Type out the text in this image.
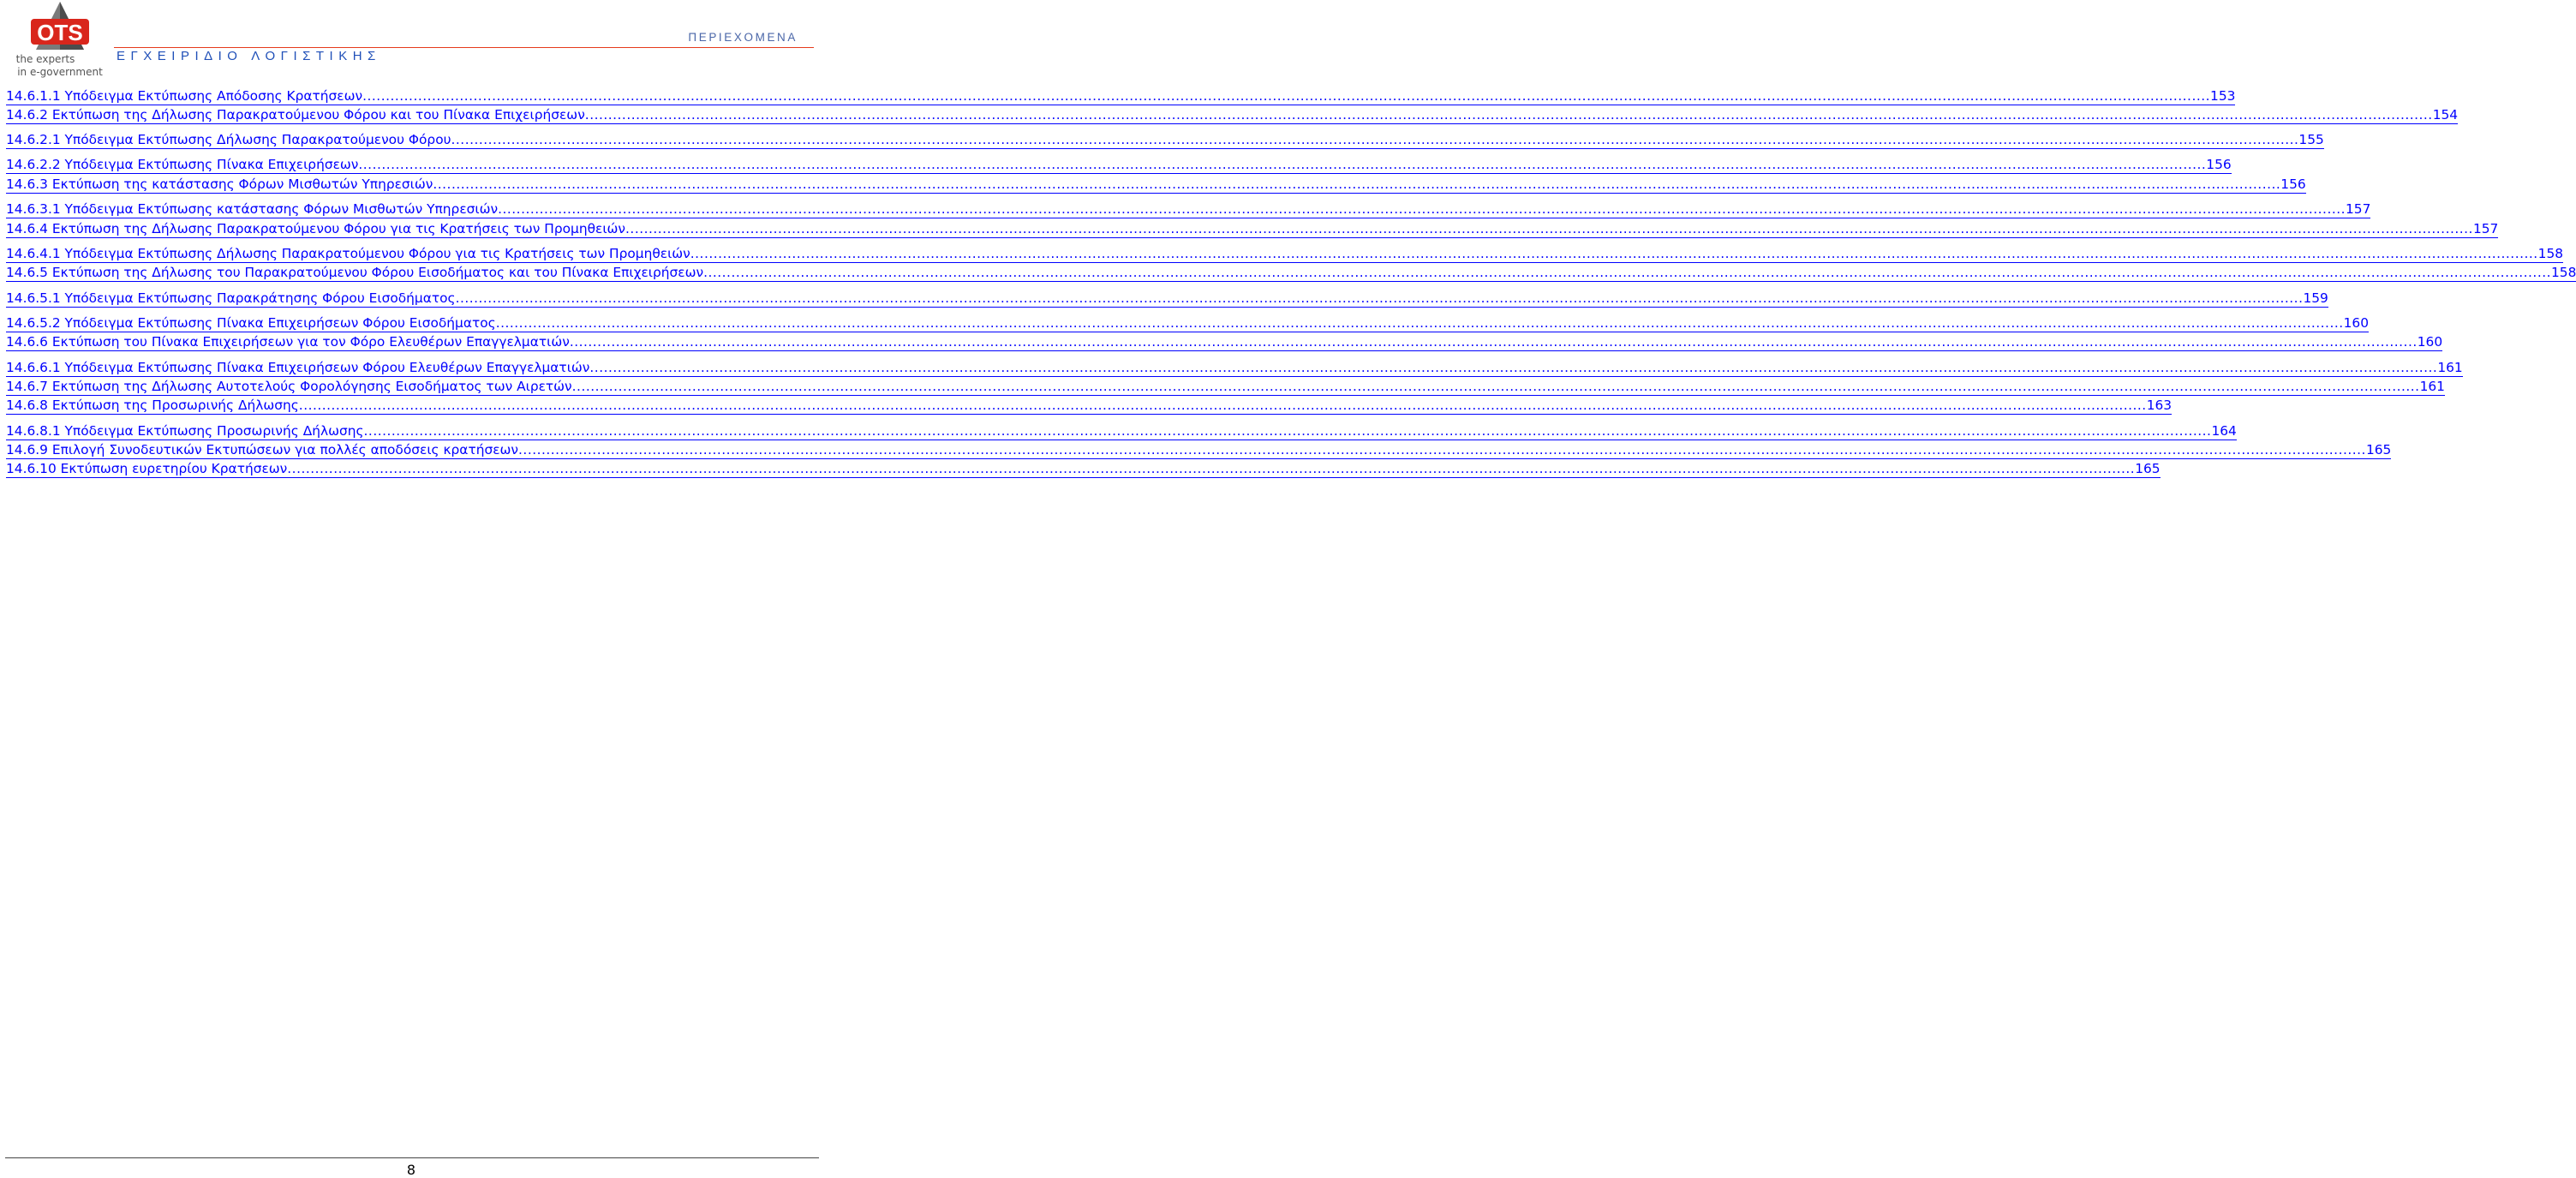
OTS
the experts
in e-government
ΠΕΡΙΕΧΟΜΕΝΑ
ΕΓΧΕΙΡΙΔΙΟ ΛΟΓΙΣΤΙΚΗΣ
14.6.1.1 Υπόδειγμα Εκτύπωσης Απόδοσης Κρατήσεων ................................................................................................................................................................................................................................................................................................................................................................................................................ 153
14.6.2 Εκτύπωση της Δήλωσης Παρακρατούμενου Φόρου και του Πίνακα Επιχειρήσεων ................................................................................................................................................................................................................................................................................................................................................................................................................ 154
14.6.2.1 Υπόδειγμα Εκτύπωσης Δήλωσης Παρακρατούμενου Φόρου ................................................................................................................................................................................................................................................................................................................................................................................................................ 155
14.6.2.2 Υπόδειγμα Εκτύπωσης Πίνακα Επιχειρήσεων ................................................................................................................................................................................................................................................................................................................................................................................................................ 156
14.6.3 Εκτύπωση της κατάστασης Φόρων Μισθωτών Υπηρεσιών ................................................................................................................................................................................................................................................................................................................................................................................................................ 156
14.6.3.1 Υπόδειγμα Εκτύπωσης κατάστασης Φόρων Μισθωτών Υπηρεσιών ................................................................................................................................................................................................................................................................................................................................................................................................................ 157
14.6.4 Εκτύπωση της Δήλωσης Παρακρατούμενου Φόρου για τις Κρατήσεις των Προμηθειών ................................................................................................................................................................................................................................................................................................................................................................................................................ 157
14.6.4.1 Υπόδειγμα Εκτύπωσης Δήλωσης Παρακρατούμενου Φόρου για τις Κρατήσεις των Προμηθειών ................................................................................................................................................................................................................................................................................................................................................................................................................ 158
14.6.5 Εκτύπωση της Δήλωσης του Παρακρατούμενου Φόρου Εισοδήματος και του Πίνακα Επιχειρήσεων ................................................................................................................................................................................................................................................................................................................................................................................................................ 158
14.6.5.1 Υπόδειγμα Εκτύπωσης Παρακράτησης Φόρου Εισοδήματος ................................................................................................................................................................................................................................................................................................................................................................................................................ 159
14.6.5.2 Υπόδειγμα Εκτύπωσης Πίνακα Επιχειρήσεων Φόρου Εισοδήματος ................................................................................................................................................................................................................................................................................................................................................................................................................ 160
14.6.6 Εκτύπωση του Πίνακα Επιχειρήσεων για τον Φόρο Ελευθέρων Επαγγελματιών ................................................................................................................................................................................................................................................................................................................................................................................................................ 160
14.6.6.1 Υπόδειγμα Εκτύπωσης Πίνακα Επιχειρήσεων Φόρου Ελευθέρων Επαγγελματιών ................................................................................................................................................................................................................................................................................................................................................................................................................ 161
14.6.7 Εκτύπωση της Δήλωσης Αυτοτελούς Φορολόγησης Εισοδήματος των Αιρετών ................................................................................................................................................................................................................................................................................................................................................................................................................ 161
14.6.8 Εκτύπωση της Προσωρινής Δήλωσης ................................................................................................................................................................................................................................................................................................................................................................................................................ 163
14.6.8.1 Υπόδειγμα Εκτύπωσης Προσωρινής Δήλωσης ................................................................................................................................................................................................................................................................................................................................................................................................................ 164
14.6.9 Επιλογή Συνοδευτικών Εκτυπώσεων για πολλές αποδόσεις κρατήσεων ................................................................................................................................................................................................................................................................................................................................................................................................................ 165
14.6.10 Εκτύπωση ευρετηρίου Κρατήσεων ................................................................................................................................................................................................................................................................................................................................................................................................................ 165
8
